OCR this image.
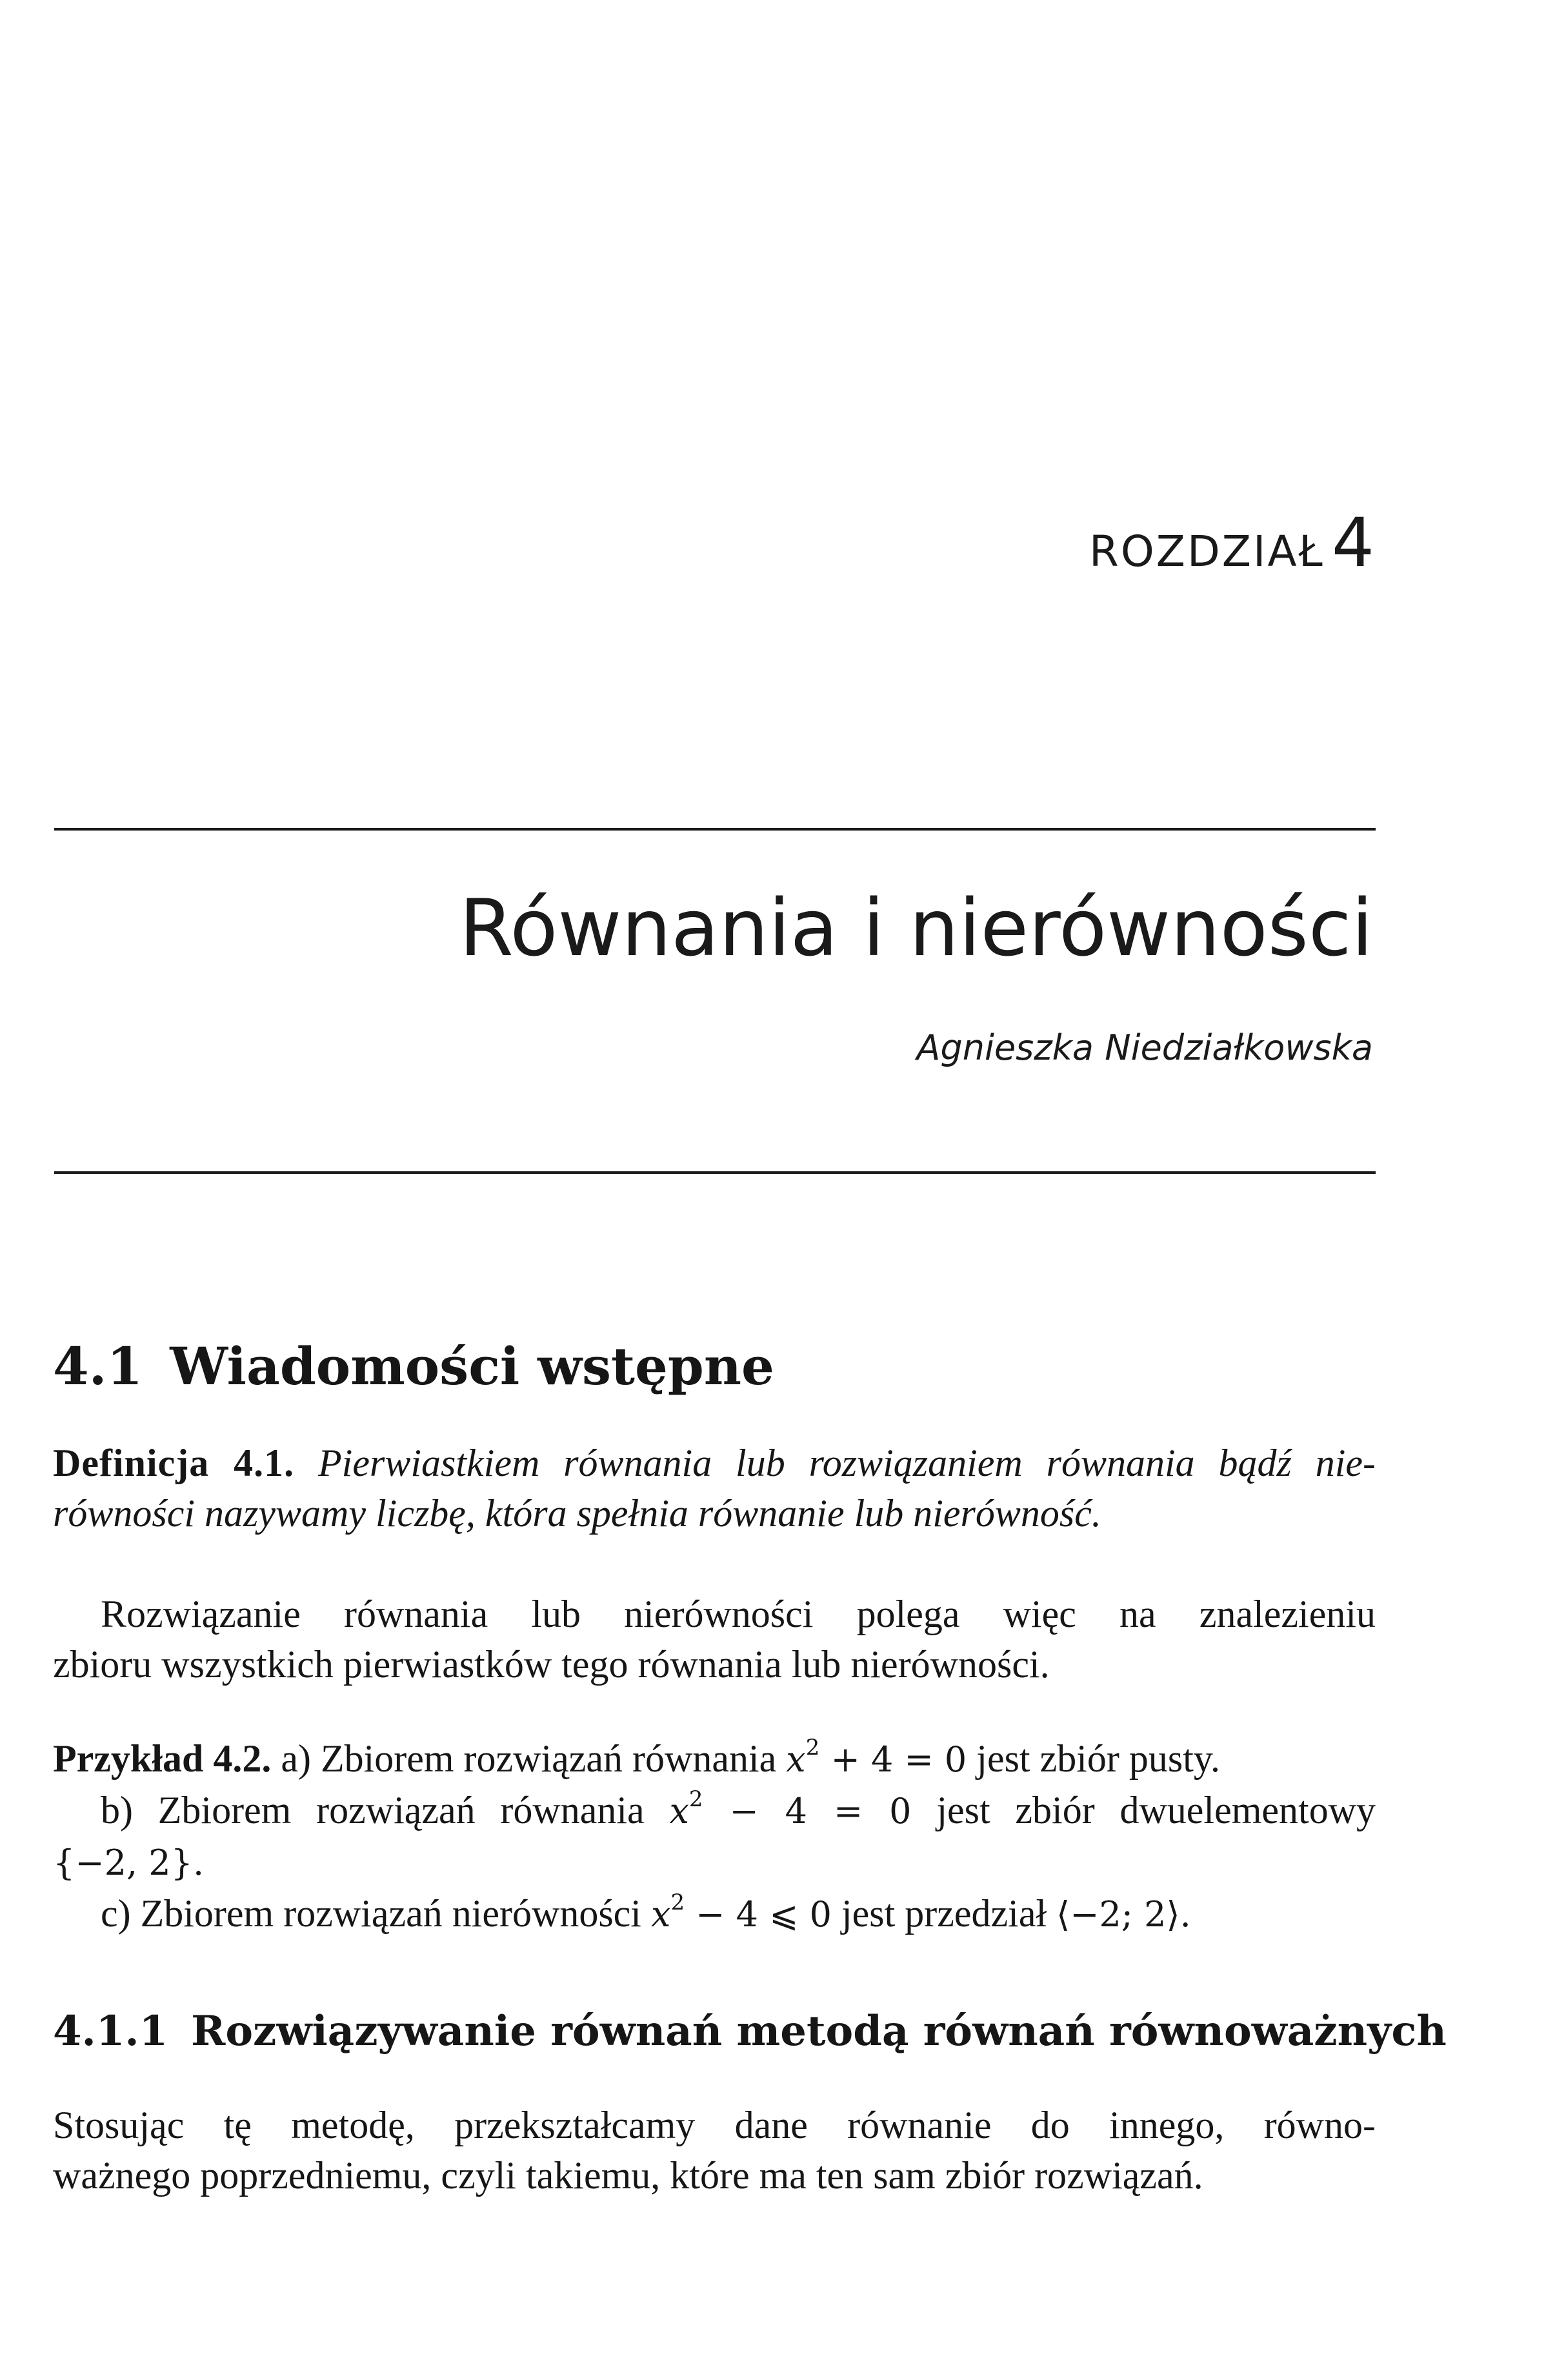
ROZDZIAŁ 4
Równania i nierówności
Agnieszka Niedziałkowska
4.1 Wiadomości wstępne

Definicja 4.1. Pierwiastkiem równania lub rozwiązaniem równania bądź nie-
równości nazywamy liczbę, która spełnia równanie lub nierówność.

Rozwiązanie równania lub nierówności polega więc na znalezieniu
zbioru wszystkich pierwiastków tego równania lub nierówności.

Przykład 4.2. a) Zbiorem rozwiązań równania $x^2 + 4 = 0$ jest zbiór pusty.
b) Zbiorem rozwiązań równania $x^2 - 4 = 0$ jest zbiór dwuelementowy
{−2, 2}.
c) Zbiorem rozwiązań nierówności $x^2 - 4$ ⩽ 0 jest przedział ⟨−2; 2⟩.

4.1.1 Rozwiązywanie równań metodą równań równoważnych

Stosując tę metodę, przekształcamy dane równanie do innego, równo-
ważnego poprzedniemu, czyli takiemu, które ma ten sam zbiór rozwiązań.
